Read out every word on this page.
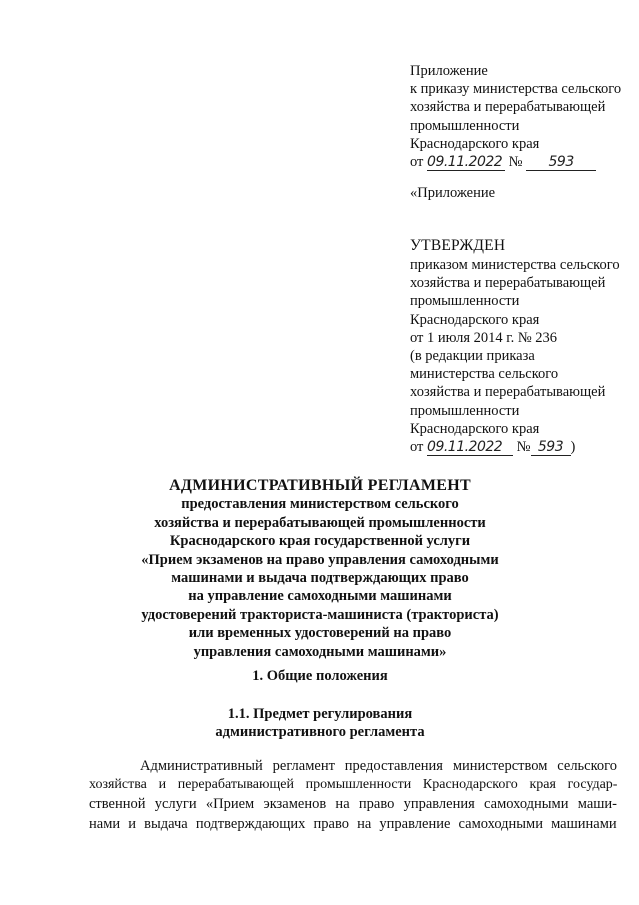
Приложение
к приказу министерства сельского
хозяйства и перерабатывающей
промышленности
Краснодарского края
от 09.11.2022 № 593
«Приложение
УТВЕРЖДЕН
приказом министерства сельского
хозяйства и перерабатывающей
промышленности
Краснодарского края
от 1 июля 2014 г. № 236
(в редакции приказа
министерства сельского
хозяйства и перерабатывающей
промышленности
Краснодарского края
от 09.11.2022 № 593 )
АДМИНИСТРАТИВНЫЙ РЕГЛАМЕНТ
предоставления министерством сельского
хозяйства и перерабатывающей промышленности
Краснодарского края государственной услуги
«Прием экзаменов на право управления самоходными
машинами и выдача подтверждающих право
на управление самоходными машинами
удостоверений тракториста-машиниста (тракториста)
или временных удостоверений на право
управления самоходными машинами»
1. Общие положения
1.1. Предмет регулирования
административного регламента
Административный регламент предоставления министерством сельского
хозяйства и перерабатывающей промышленности Краснодарского края государ-
ственной услуги «Прием экзаменов на право управления самоходными маши-
нами и выдача подтверждающих право на управление самоходными машинами
